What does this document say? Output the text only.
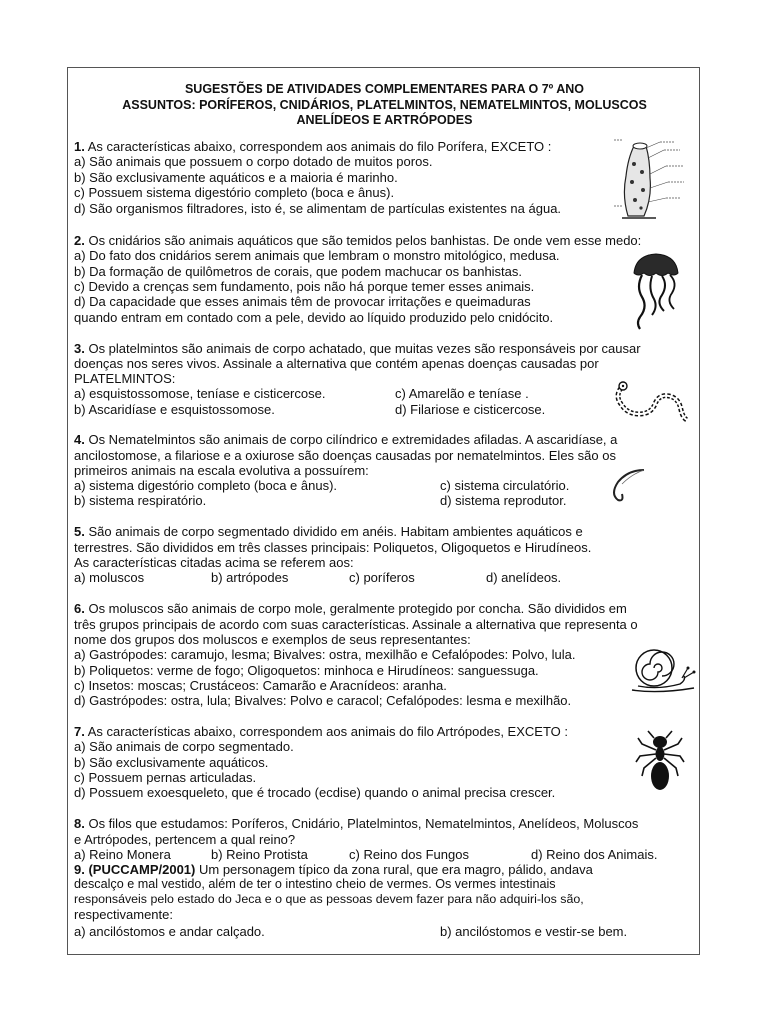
SUGESTÕES DE ATIVIDADES COMPLEMENTARES PARA O 7º ANO
ASSUNTOS: PORÍFEROS, CNIDÁRIOS, PLATELMINTOS, NEMATELMINTOS, MOLUSCOS
ANELÍDEOS E ARTRÓPODES
1. As características abaixo, correspondem aos animais do filo Porífera, EXCETO :
a) São animais que possuem o corpo dotado de muitos poros.
b) São exclusivamente aquáticos e a maioria é marinho.
c) Possuem sistema digestório completo (boca e ânus).
d) São organismos filtradores, isto é, se alimentam de partículas existentes na água.
2. Os cnidários são animais aquáticos que são temidos pelos banhistas. De onde vem esse medo:
a) Do fato dos cnidários serem animais que lembram o monstro mitológico, medusa.
b) Da formação de quilômetros de corais, que podem machucar os banhistas.
c) Devido a crenças sem fundamento, pois não há porque temer esses animais.
d) Da capacidade que esses animais têm de provocar irritações e queimaduras
quando entram em contado com a pele, devido ao líquido produzido pelo cnidócito.
3. Os platelmintos são animais de corpo achatado, que muitas vezes são responsáveis por causar
doenças nos seres vivos. Assinale a alternativa que contém apenas doenças causadas por
PLATELMINTOS:
a) esquistossomose, teníase e cisticercose.	c) Amarelão e teníase .
b) Ascaridíase e esquistossomose.	d) Filariose e cisticercose.
4. Os Nematelmintos são animais de corpo cilíndrico e extremidades afiladas. A ascaridíase, a
ancilostomose, a filariose e a oxiurose são doenças causadas por nematelmintos. Eles são os
primeiros animais na escala evolutiva a possuírem:
a) sistema digestório completo (boca e ânus).	c) sistema circulatório.
b) sistema respiratório.	d) sistema reprodutor.
5. São animais de corpo segmentado dividido em anéis. Habitam ambientes aquáticos e
terrestres. São divididos em três classes principais: Poliquetos, Oligoquetos e Hirudíneos.
As características citadas acima se referem aos:
a) moluscos	b) artrópodes	c) poríferos	d) anelídeos.
6. Os moluscos são animais de corpo mole, geralmente protegido por concha. São divididos em
três grupos principais de acordo com suas características. Assinale a alternativa que representa o
nome dos grupos dos moluscos e exemplos de seus representantes:
a) Gastrópodes: caramujo, lesma; Bivalves: ostra, mexilhão e Cefalópodes: Polvo, lula.
b) Poliquetos: verme de fogo; Oligoquetos: minhoca e Hirudíneos: sanguessuga.
c) Insetos: moscas; Crustáceos: Camarão e Aracnídeos: aranha.
d) Gastrópodes: ostra, lula; Bivalves: Polvo e caracol; Cefalópodes: lesma e mexilhão.
7. As características abaixo, correspondem aos animais do filo Artrópodes, EXCETO :
a) São animais de corpo segmentado.
b) São exclusivamente aquáticos.
c) Possuem pernas articuladas.
d) Possuem exoesqueleto, que é trocado (ecdise) quando o animal precisa crescer.
8. Os filos que estudamos: Poríferos, Cnidário, Platelmintos, Nematelmintos, Anelídeos, Moluscos
e Artrópodes, pertencem a qual reino?
a) Reino Monera	b) Reino Protista	c) Reino dos Fungos	d) Reino dos Animais.
9. (PUCCAMP/2001) Um personagem típico da zona rural, que era magro, pálido, andava
descalço e mal vestido, além de ter o intestino cheio de vermes. Os vermes intestinais
responsáveis pelo estado do Jeca e o que as pessoas devem fazer para não adquiri-los são,
respectivamente:
a) ancilóstomos e andar calçado.	b) ancilóstomos e vestir-se bem.
